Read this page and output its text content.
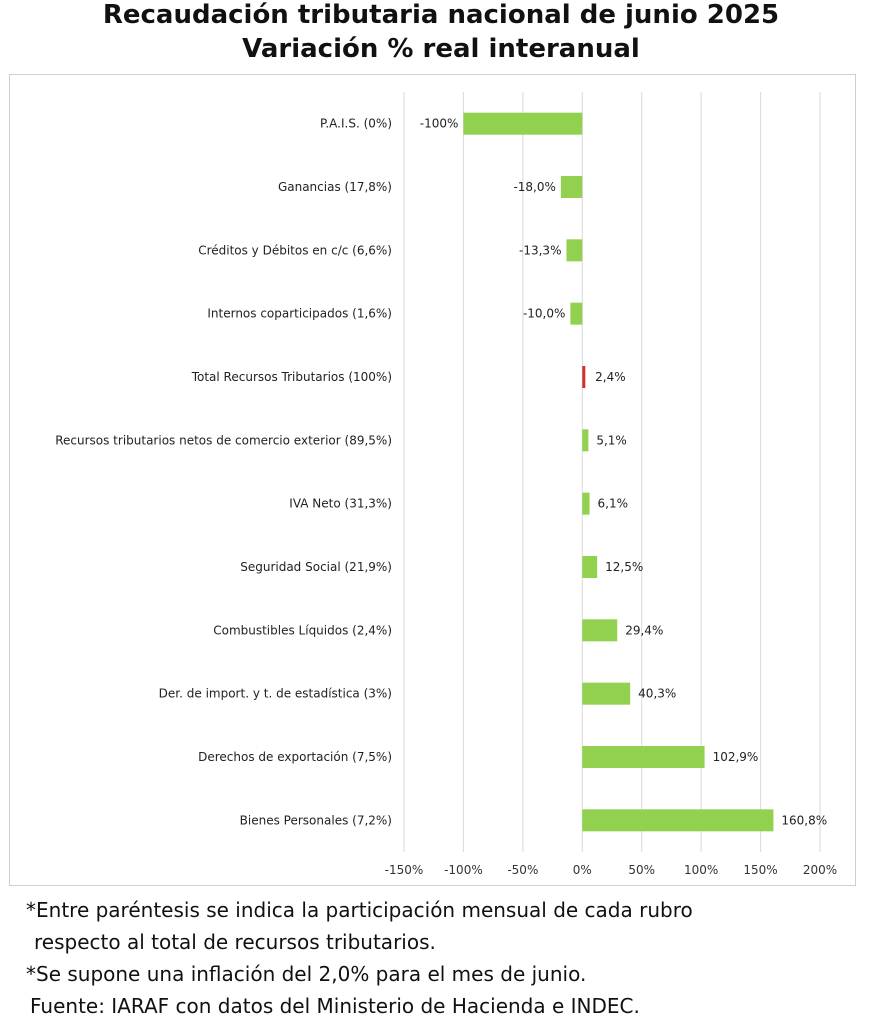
Recaudación tributaria nacional de junio 2025
Variación % real interanual
P.A.I.S. (0%)
Ganancias (17,8%)
Créditos y Débitos en c/c (6,6%)
Internos coparticipados (1,6%)
Total Recursos Tributarios (100%)
Recursos tributarios netos de comercio exterior (89,5%)
IVA Neto (31,3%)
Seguridad Social (21,9%)
Combustibles Líquidos (2,4%)
Der. de import. y t. de estadística (3%)
Derechos de exportación (7,5%)
Bienes Personales (7,2%)
-100%
-18,0%
-13,3%
-10,0%
2,4%
5,1%
6,1%
12,5%
29,4%
40,3%
102,9%
160,8%
-150% -100% -50%	0%	50% 100% 150% 200%
*Entre paréntesis se indica la participación mensual de cada rubro
respecto al total de recursos tributarios.
*Se supone una inflación del 2,0% para el mes de junio.
Fuente: IARAF con datos del Ministerio de Hacienda e INDEC.
